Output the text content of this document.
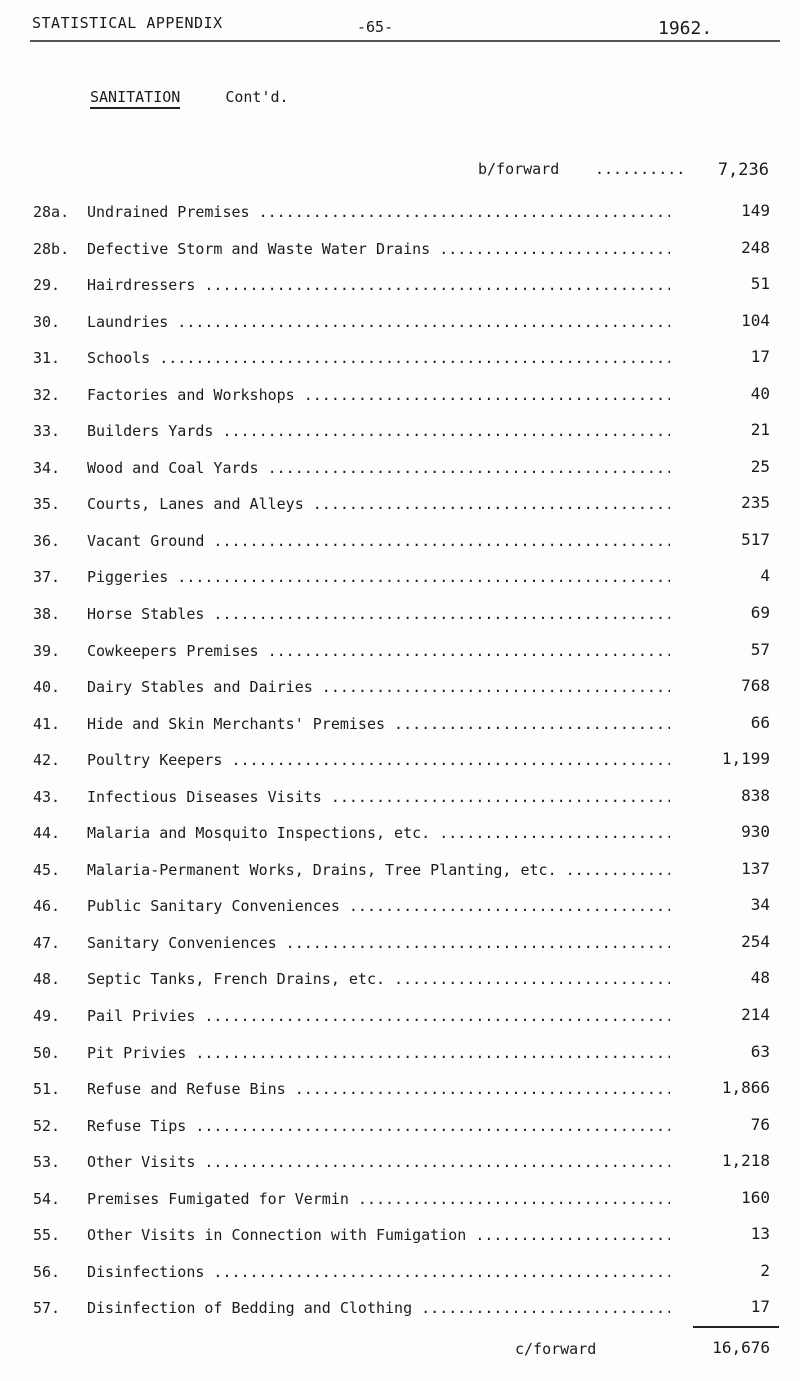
STATISTICAL APPENDIX	-65-	1962.
SANITATION	Cont'd.
b/forward .......... 7,236
28a. Undrained Premises .....	149
28b. Defective Storm and Waste Water Drains .....	248
29. Hairdressers .....	51
30. Laundries .....	104
31. Schools .....	17
32. Factories and Workshops .....	40
33. Builders Yards .....	21
34. Wood and Coal Yards .....	25
35. Courts, Lanes and Alleys .....	235
36. Vacant Ground .....	517
37. Piggeries .....	4
38. Horse Stables .....	69
39. Cowkeepers Premises .....	57
40. Dairy Stables and Dairies .....	768
41. Hide and Skin Merchants' Premises .....	66
42. Poultry Keepers .....	1,199
43. Infectious Diseases Visits .....	838
44. Malaria and Mosquito Inspections, etc. .....	930
45. Malaria-Permanent Works, Drains, Tree Planting, etc. .....	137
46. Public Sanitary Conveniences .....	34
47. Sanitary Conveniences .....	254
48. Septic Tanks, French Drains, etc. .....	48
49. Pail Privies .....	214
50. Pit Privies .....	63
51. Refuse and Refuse Bins .....	1,866
52. Refuse Tips .....	76
53. Other Visits .....	1,218
54. Premises Fumigated for Vermin .....	160
55. Other Visits in Connection with Fumigation .....	13
56. Disinfections .....	2
57. Disinfection of Bedding and Clothing .....	17
c/forward	16,676
